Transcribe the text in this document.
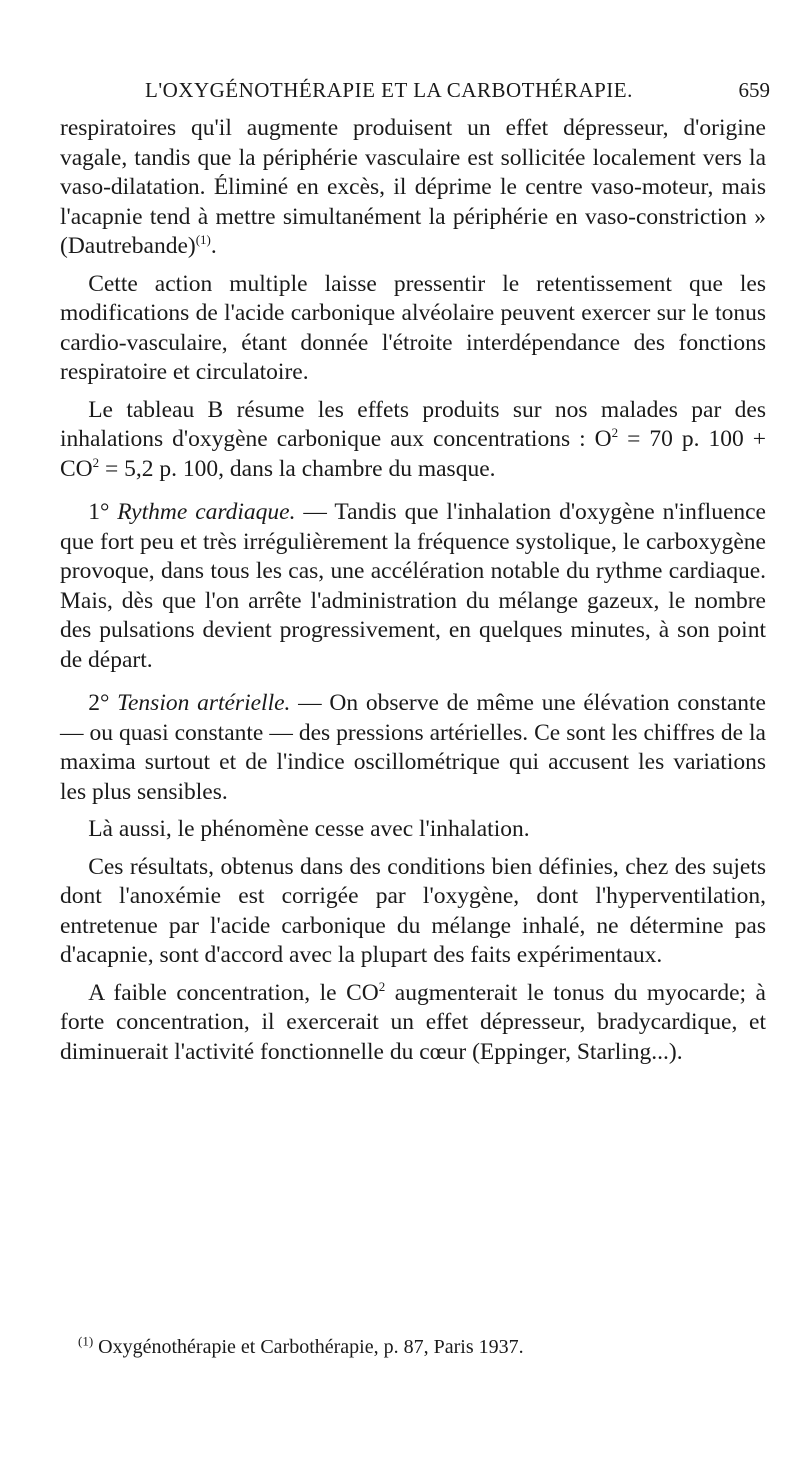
L'OXYGÉNOTHÉRAPIE ET LA CARBOTHÉRAPIE.	659

respiratoires qu'il augmente produisent un effet dépresseur, d'origine vagale, tandis que la périphérie vasculaire est sollicitée localement vers la vaso-dilatation. Éliminé en excès, il déprime le centre vaso-moteur, mais l'acapnie tend à mettre simultanément la périphérie en vaso-constriction » (Dautrebande)$^{(1)}$.

Cette action multiple laisse pressentir le retentissement que les modifications de l'acide carbonique alvéolaire peuvent exercer sur le tonus cardio-vasculaire, étant donnée l'étroite interdépendance des fonctions respiratoire et circulatoire.

Le tableau B résume les effets produits sur nos malades par des inhalations d'oxygène carbonique aux concentrations : $O^2 = 70$ p. $100 + CO^2 = 5,2$ p. 100, dans la chambre du masque.

1° Rythme cardiaque. — Tandis que l'inhalation d'oxygène n'influence que fort peu et très irrégulièrement la fréquence systolique, le carboxygène provoque, dans tous les cas, une accélération notable du rythme cardiaque. Mais, dès que l'on arrête l'administration du mélange gazeux, le nombre des pulsations devient progressivement, en quelques minutes, à son point de départ.

2° Tension artérielle. — On observe de même une élévation constante — ou quasi constante — des pressions artérielles. Ce sont les chiffres de la maxima surtout et de l'indice oscillométrique qui accusent les variations les plus sensibles.

Là aussi, le phénomène cesse avec l'inhalation.

Ces résultats, obtenus dans des conditions bien définies, chez des sujets dont l'anoxémie est corrigée par l'oxygène, dont l'hyperventilation, entretenue par l'acide carbonique du mélange inhalé, ne détermine pas d'acapnie, sont d'accord avec la plupart des faits expérimentaux.

A faible concentration, le $CO^2$ augmenterait le tonus du myocarde; à forte concentration, il exercerait un effet dépresseur, bradycardique, et diminuerait l'activité fonctionnelle du cœur (Eppinger, Starling...).

$^{(1)}$ Oxygénothérapie et Carbothérapie, p. 87, Paris 1937.
